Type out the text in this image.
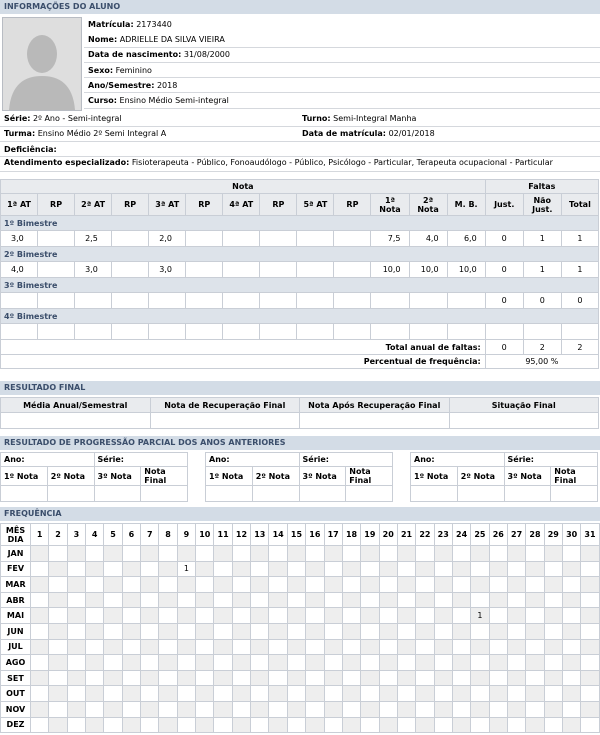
INFORMAÇÕES DO ALUNO
Matrícula: 2173440
Nome: ADRIELLE DA SILVA VIEIRA
Data de nascimento: 31/08/2000
Sexo: Feminino
Ano/Semestre: 2018
Curso: Ensino Médio Semi-integral
Série: 2º Ano - Semi-integral	Turno: Semi-Integral Manha
Turma: Ensino Médio 2º Semi Integral A	Data de matrícula: 02/01/2018
Deficiência:
Atendimento especializado: Fisioterapeuta - Público, Fonoaudólogo - Público, Psicólogo - Particular, Terapeuta ocupacional - Particular
Nota													Faltas		
1ª AT	RP	2ª AT	RP	3ª AT	RP	4ª AT	RP	5ª AT	RP	1ª
Nota	2ª
Nota	M. B.	Just.	Não
Just.	Total
1º Bimestre															
3,0		2,5		2,0						7,5	4,0	6,0	0	1	1
2º Bimestre															
4,0		3,0		3,0						10,0	10,0	10,0	0	1	1
3º Bimestre															
													0	0	0
4º Bimestre															

Total anual de faltas:													0	2	2
Percentual de frequência:													95,00 %		
RESULTADO FINAL
Média Anual/Semestral	Nota de Recuperação Final	Nota Após Recuperação Final	Situação Final

RESULTADO DE PROGRESSÃO PARCIAL DOS ANOS ANTERIORES
Ano:		Série:	
1º Nota	2º Nota	3º Nota	Nota Final

Ano:		Série:	
1º Nota	2º Nota	3º Nota	Nota Final

Ano:		Série:	
1º Nota	2º Nota	3º Nota	Nota Final

FREQUÊNCIA
MÊS
DIA	1	2	3	4	5	6	7	8	9	10	11	12	13	14	15	16	17	18	19	20	21	22	23	24	25	26	27	28	29	30	31
JAN																															
FEV									1																						
MAR																															
ABR																															
MAI																									1						
JUN																															
JUL																															
AGO																															
SET																															
OUT																															
NOV																															
DEZ																															
